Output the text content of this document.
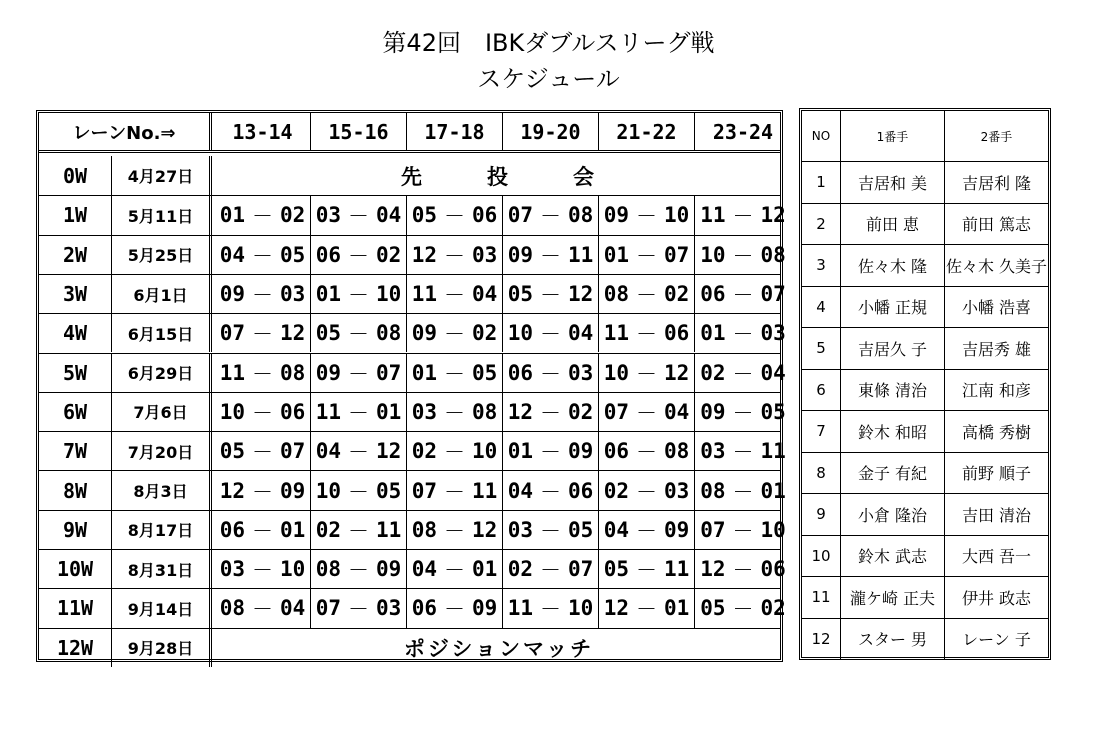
第42回　IBKダブルスリーグ戦
スケジュール
レーンNo.⇒	13-14	15-16	17-18	19-20	21-22	23-24
0W	4月27日	先　投　会
1W	5月11日	01 － 02 03 － 04 05 － 06 07 － 08 09 － 10 11 － 12
2W	5月25日	04 － 05 06 － 02 12 － 03 09 － 11 01 － 07 10 － 08
3W	6月1日	09 － 03 01 － 10 11 － 04 05 － 12 08 － 02 06 － 07
4W	6月15日	07 － 12 05 － 08 09 － 02 10 － 04 11 － 06 01 － 03
5W	6月29日	11 － 08 09 － 07 01 － 05 06 － 03 10 － 12 02 － 04
6W	7月6日	10 － 06 11 － 01 03 － 08 12 － 02 07 － 04 09 － 05
7W	7月20日	05 － 07 04 － 12 02 － 10 01 － 09 06 － 08 03 － 11
8W	8月3日	12 － 09 10 － 05 07 － 11 04 － 06 02 － 03 08 － 01
9W	8月17日	06 － 01 02 － 11 08 － 12 03 － 05 04 － 09 07 － 10
10W	8月31日	03 － 10 08 － 09 04 － 01 02 － 07 05 － 11 12 － 06
11W	9月14日	08 － 04 07 － 03 06 － 09 11 － 10 12 － 01 05 － 02
12W	9月28日	ポジションマッチ
NO	1番手	2番手
1	吉居和 美	吉居利 隆
2	前田 恵	前田 篤志
3	佐々木 隆	佐々木 久美子
4	小幡 正規	小幡 浩喜
5	吉居久 子	吉居秀 雄
6	東條 清治	江南 和彦
7	鈴木 和昭	高橋 秀樹
8	金子 有紀	前野 順子
9	小倉 隆治	吉田 清治
10	鈴木 武志	大西 吾一
11	瀧ケ崎 正夫	伊井 政志
12	スター 男	レーン 子
